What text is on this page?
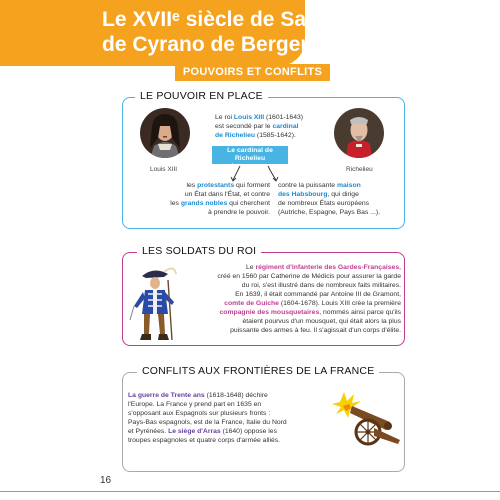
Le XVIIᵉ siècle de Savinien
de Cyrano de Bergerac
POUVOIRS ET CONFLITS
LE POUVOIR EN PLACE
Louis XIII	Richelieu
Le roi Louis XIII (1601-1643)
est secondé par le cardinal
de Richelieu (1585-1642).
Le cardinal de Richelieu
lutte contre
les protestants qui forment
un État dans l'État, et contre
les grands nobles qui cherchent
à prendre le pouvoir.
contre la puissante maison
des Habsbourg, qui dirige
de nombreux États européens
(Autriche, Espagne, Pays Bas ...).
LES SOLDATS DU ROI
Le régiment d'infanterie des Gardes-Françaises,
créé en 1560 par Catherine de Médicis pour assurer la garde
du roi, s'est illustré dans de nombreux faits militaires.
En 1639, il était commandé par Antoine III de Gramont,
comte de Guiche (1604-1678). Louis XIII crée la première
compagnie des mousquetaires, nommés ainsi parce qu'ils
étaient pourvus d'un mousquet, qui était alors la plus
puissante des armes à feu. Il s'agissait d'un corps d'élite.
CONFLITS AUX FRONTIÈRES DE LA FRANCE
La guerre de Trente ans (1618-1648) déchire
l'Europe. La France y prend part en 1635 en
s'opposant aux Espagnols sur plusieurs fronts :
Pays-Bas espagnols, est de la France, Italie du Nord
et Pyrénées. Le siège d'Arras (1640) oppose les
troupes espagnoles et quatre corps d'armée alliés.
16
